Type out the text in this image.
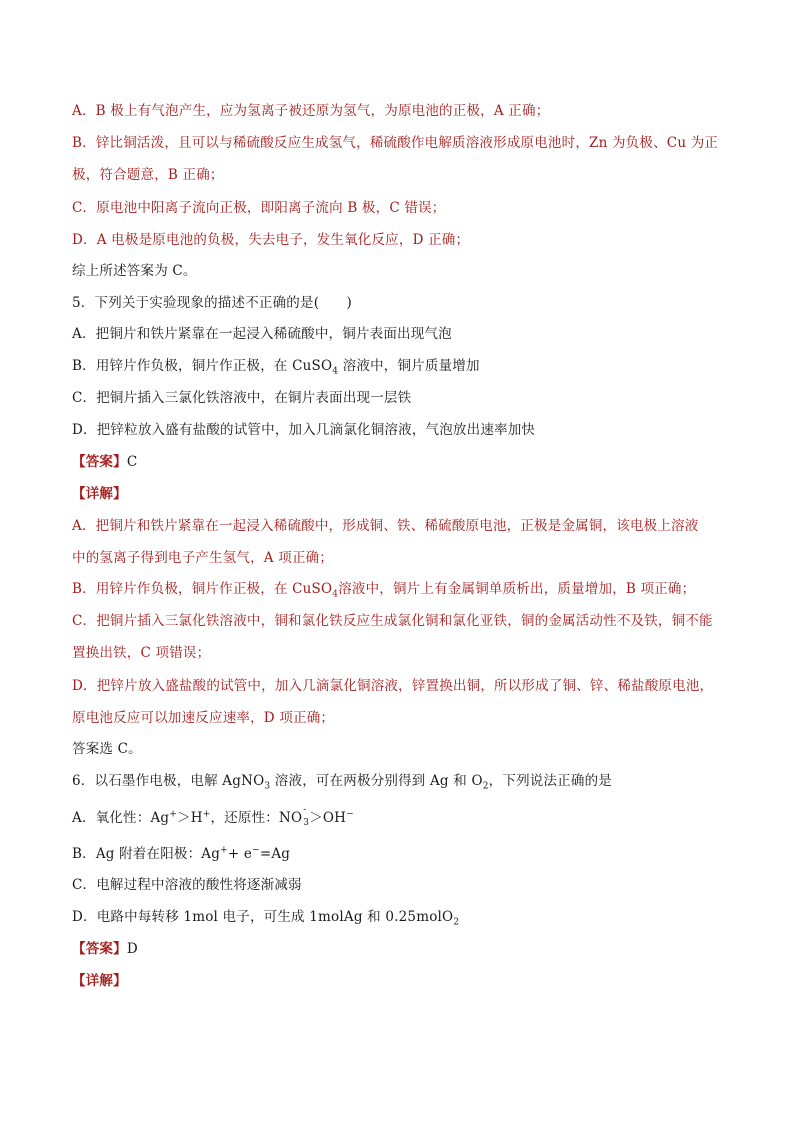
A．B 极上有气泡产生，应为氢离子被还原为氢气，为原电池的正极，A 正确；
B．锌比铜活泼，且可以与稀硫酸反应生成氢气，稀硫酸作电解质溶液形成原电池时，Zn 为负极、Cu 为正
极，符合题意，B 正确；
C．原电池中阳离子流向正极，即阳离子流向 B 极，C 错误；
D．A 电极是原电池的负极，失去电子，发生氧化反应，D 正确；
综上所述答案为 C。
5．下列关于实验现象的描述不正确的是(　　)
A．把铜片和铁片紧靠在一起浸入稀硫酸中，铜片表面出现气泡
B．用锌片作负极，铜片作正极，在 CuSO$_4$ 溶液中，铜片质量增加
C．把铜片插入三氯化铁溶液中，在铜片表面出现一层铁
D．把锌粒放入盛有盐酸的试管中，加入几滴氯化铜溶液，气泡放出速率加快
【答案】C
【详解】
A．把铜片和铁片紧靠在一起浸入稀硫酸中，形成铜、铁、稀硫酸原电池，正极是金属铜，该电极上溶液
中的氢离子得到电子产生氢气，A 项正确；
B．用锌片作负极，铜片作正极，在 CuSO$_4$溶液中，铜片上有金属铜单质析出，质量增加，B 项正确；
C．把铜片插入三氯化铁溶液中，铜和氯化铁反应生成氯化铜和氯化亚铁，铜的金属活动性不及铁，铜不能
置换出铁，C 项错误；
D．把锌片放入盛盐酸的试管中，加入几滴氯化铜溶液，锌置换出铜，所以形成了铜、锌、稀盐酸原电池，
原电池反应可以加速反应速率，D 项正确；
答案选 C。
6．以石墨作电极，电解 AgNO$_3$ 溶液，可在两极分别得到 Ag 和 $O_2$，下列说法正确的是
A．氧化性：Ag+＞H+，还原性：NO -
3 ＞OH−
B．Ag 附着在阳极：Ag++ e−=Ag
C．电解过程中溶液的酸性将逐渐减弱
D．电路中每转移 1mol 电子，可生成 1molAg 和 0.25molO$_2$
【答案】D
【详解】
